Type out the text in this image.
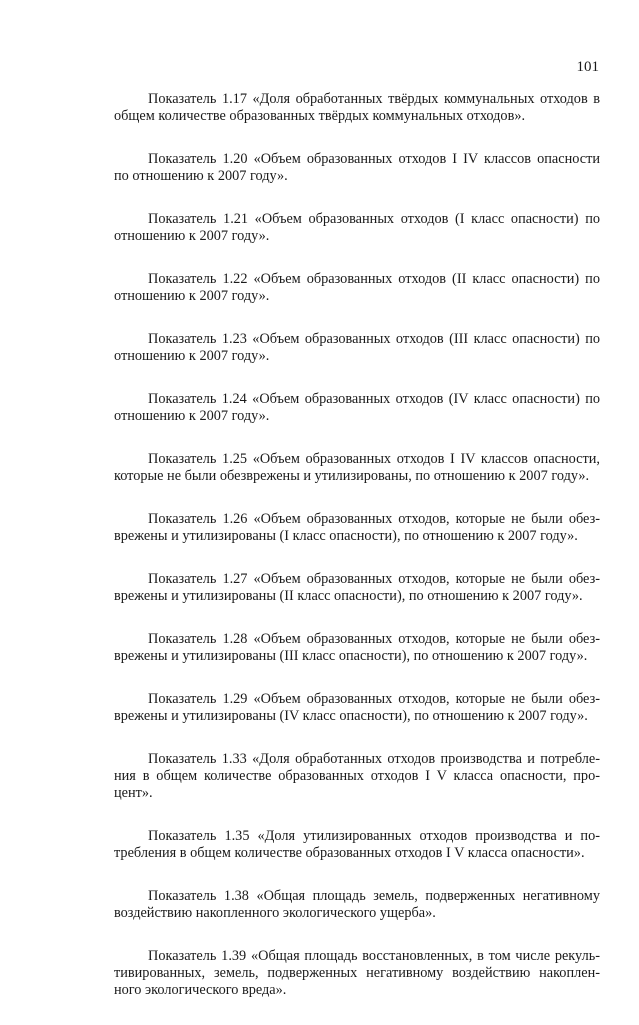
101

Показатель 1.17 «Доля обработанных твёрдых коммунальных отходов в
общем количестве образованных твёрдых коммунальных отходов».

Показатель 1.20 «Объем образованных отходов I IV классов опасности
по отношению к 2007 году».

Показатель 1.21 «Объем образованных отходов (I класс опасности) по
отношению к 2007 году».

Показатель 1.22 «Объем образованных отходов (II класс опасности) по
отношению к 2007 году».

Показатель 1.23 «Объем образованных отходов (III класс опасности) по
отношению к 2007 году».

Показатель 1.24 «Объем образованных отходов (IV класс опасности) по
отношению к 2007 году».

Показатель 1.25 «Объем образованных отходов I IV классов опасности,
которые не были обезврежены и утилизированы, по отношению к 2007 году».

Показатель 1.26 «Объем образованных отходов, которые не были обез-
врежены и утилизированы (I класс опасности), по отношению к 2007 году».

Показатель 1.27 «Объем образованных отходов, которые не были обез-
врежены и утилизированы (II класс опасности), по отношению к 2007 году».

Показатель 1.28 «Объем образованных отходов, которые не были обез-
врежены и утилизированы (III класс опасности), по отношению к 2007 году».

Показатель 1.29 «Объем образованных отходов, которые не были обез-
врежены и утилизированы (IV класс опасности), по отношению к 2007 году».

Показатель 1.33 «Доля обработанных отходов производства и потребле-
ния в общем количестве образованных отходов I V класса опасности, про-
цент».

Показатель 1.35 «Доля утилизированных отходов производства и по-
требления в общем количестве образованных отходов I V класса опасности».

Показатель 1.38 «Общая площадь земель, подверженных негативному
воздействию накопленного экологического ущерба».

Показатель 1.39 «Общая площадь восстановленных, в том числе рекуль-
тивированных, земель, подверженных негативному воздействию накоплен-
ного экологического вреда».
